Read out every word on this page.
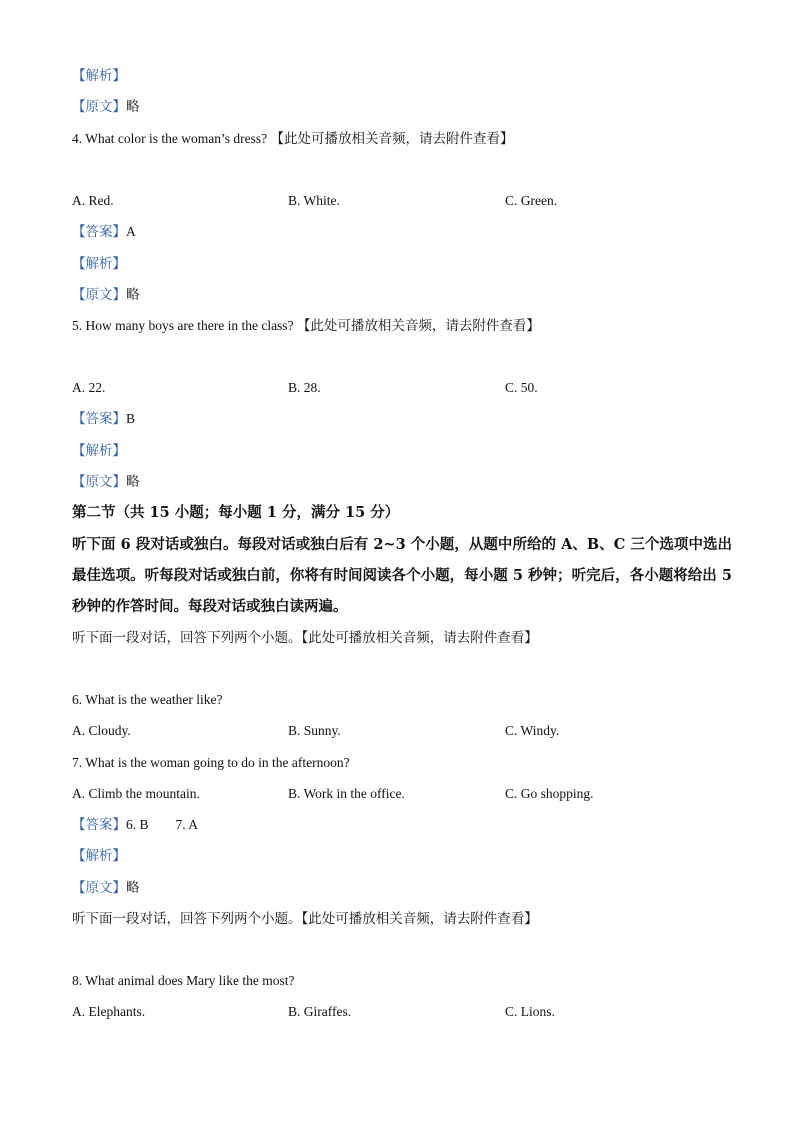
【解析】
【原文】略
4. What color is the woman’s dress? 【此处可播放相关音频，请去附件查看】
A. Red.	B. White.	C. Green.
【答案】A
【解析】
【原文】略
5. How many boys are there in the class? 【此处可播放相关音频，请去附件查看】
A. 22.	B. 28.	C. 50.
【答案】B
【解析】
【原文】略
第二节（共 15 小题；每小题 1 分，满分 15 分）
听下面 6 段对话或独白。每段对话或独白后有 2~3 个小题，从题中所给的 A、B、C 三个选项中选出最佳选项。听每段对话或独白前，你将有时间阅读各个小题，每小题 5 秒钟；听完后，各小题将给出 5 秒钟的作答时间。每段对话或独白读两遍。
听下面一段对话，回答下列两个小题。【此处可播放相关音频，请去附件查看】
6. What is the weather like?
A. Cloudy.	B. Sunny.	C. Windy.
7. What is the woman going to do in the afternoon?
A. Climb the mountain.	B. Work in the office.	C. Go shopping.
【答案】6. B        7. A
【解析】
【原文】略
听下面一段对话，回答下列两个小题。【此处可播放相关音频，请去附件查看】
8. What animal does Mary like the most?
A. Elephants.	B. Giraffes.	C. Lions.
